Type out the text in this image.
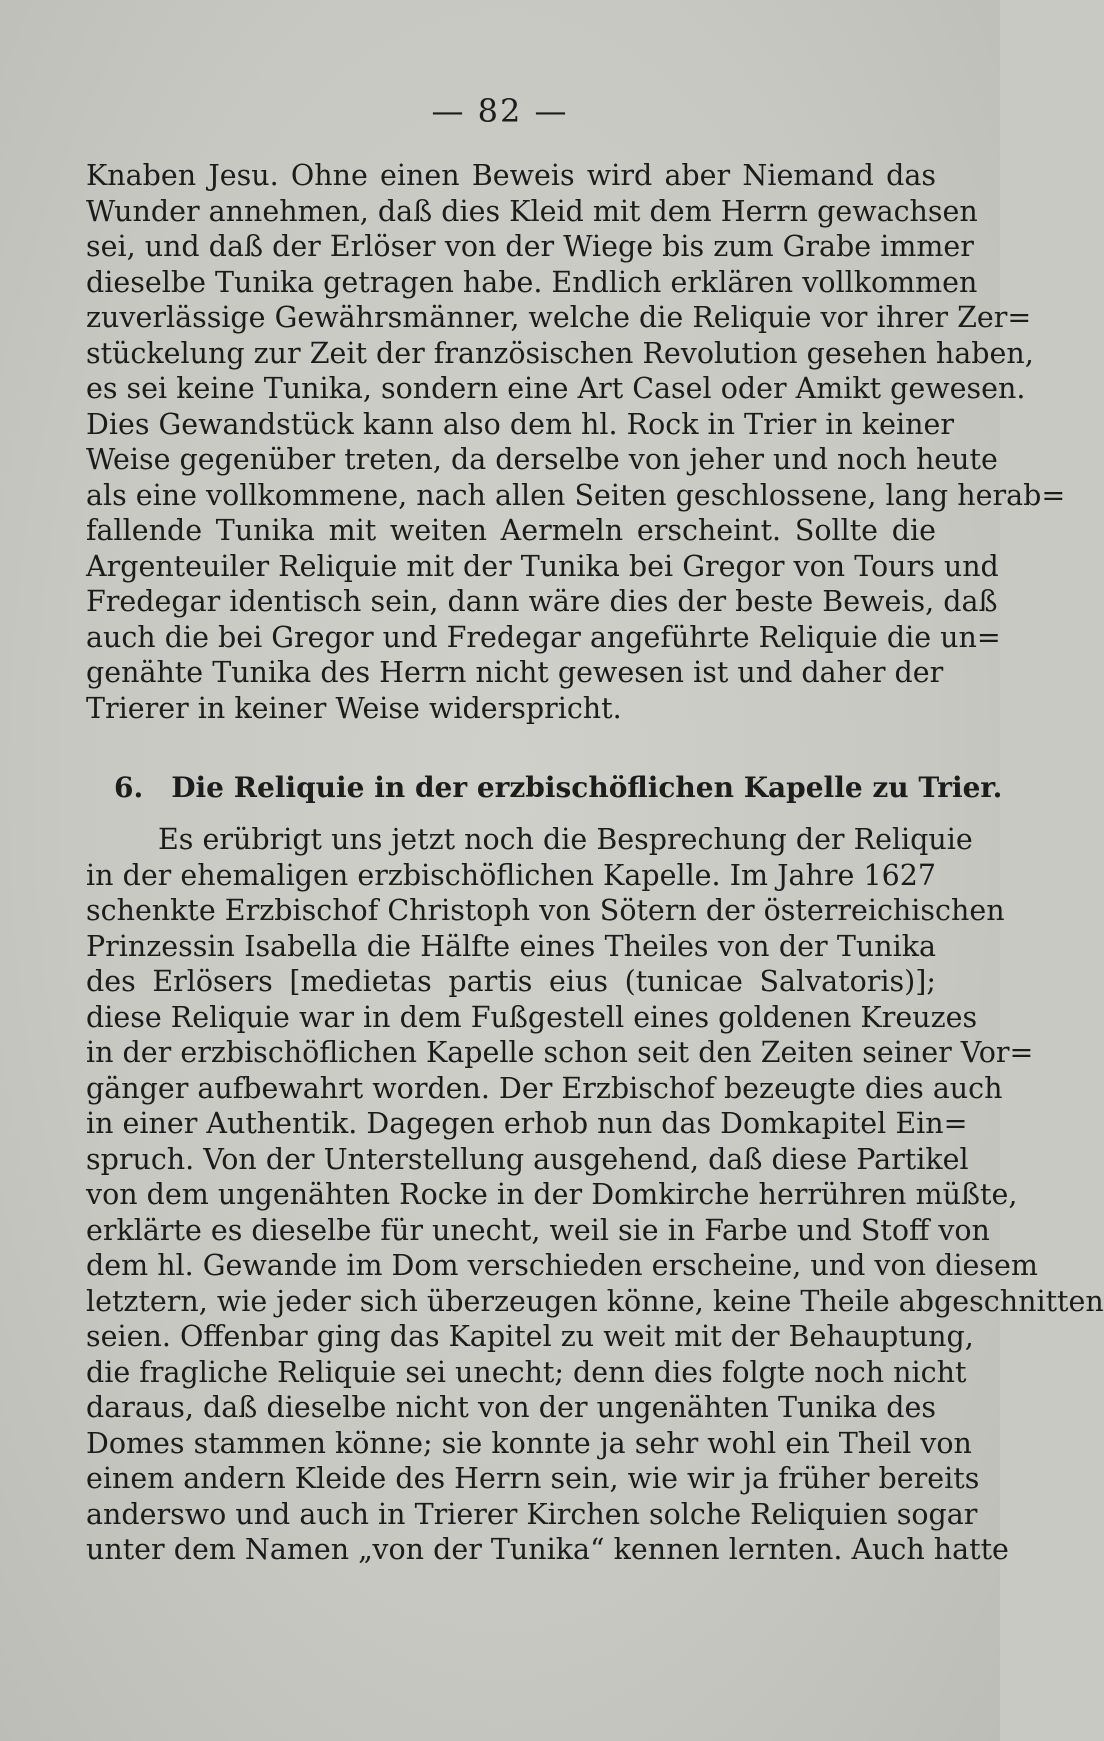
— 82 —
Knaben Jesu. Ohne einen Beweis wird aber Niemand das
Wunder annehmen, daß dies Kleid mit dem Herrn gewachsen
sei, und daß der Erlöser von der Wiege bis zum Grabe immer
dieselbe Tunika getragen habe. Endlich erklären vollkommen
zuverlässige Gewährsmänner, welche die Reliquie vor ihrer Zer=
stückelung zur Zeit der französischen Revolution gesehen haben,
es sei keine Tunika, sondern eine Art Casel oder Amikt gewesen.
Dies Gewandstück kann also dem hl. Rock in Trier in keiner
Weise gegenüber treten, da derselbe von jeher und noch heute
als eine vollkommene, nach allen Seiten geschlossene, lang herab=
fallende Tunika mit weiten Aermeln erscheint. Sollte die
Argenteuiler Reliquie mit der Tunika bei Gregor von Tours und
Fredegar identisch sein, dann wäre dies der beste Beweis, daß
auch die bei Gregor und Fredegar angeführte Reliquie die un=
genähte Tunika des Herrn nicht gewesen ist und daher der
Trierer in keiner Weise widerspricht.
6. Die Reliquie in der erzbischöflichen Kapelle zu Trier.
Es erübrigt uns jetzt noch die Besprechung der Reliquie
in der ehemaligen erzbischöflichen Kapelle. Im Jahre 1627
schenkte Erzbischof Christoph von Sötern der österreichischen
Prinzessin Isabella die Hälfte eines Theiles von der Tunika
des Erlösers [medietas partis eius (tunicae Salvatoris)];
diese Reliquie war in dem Fußgestell eines goldenen Kreuzes
in der erzbischöflichen Kapelle schon seit den Zeiten seiner Vor=
gänger aufbewahrt worden. Der Erzbischof bezeugte dies auch
in einer Authentik. Dagegen erhob nun das Domkapitel Ein=
spruch. Von der Unterstellung ausgehend, daß diese Partikel
von dem ungenähten Rocke in der Domkirche herrühren müßte,
erklärte es dieselbe für unecht, weil sie in Farbe und Stoff von
dem hl. Gewande im Dom verschieden erscheine, und von diesem
letztern, wie jeder sich überzeugen könne, keine Theile abgeschnitten
seien. Offenbar ging das Kapitel zu weit mit der Behauptung,
die fragliche Reliquie sei unecht; denn dies folgte noch nicht
daraus, daß dieselbe nicht von der ungenähten Tunika des
Domes stammen könne; sie konnte ja sehr wohl ein Theil von
einem andern Kleide des Herrn sein, wie wir ja früher bereits
anderswo und auch in Trierer Kirchen solche Reliquien sogar
unter dem Namen „von der Tunika“ kennen lernten. Auch hatte
